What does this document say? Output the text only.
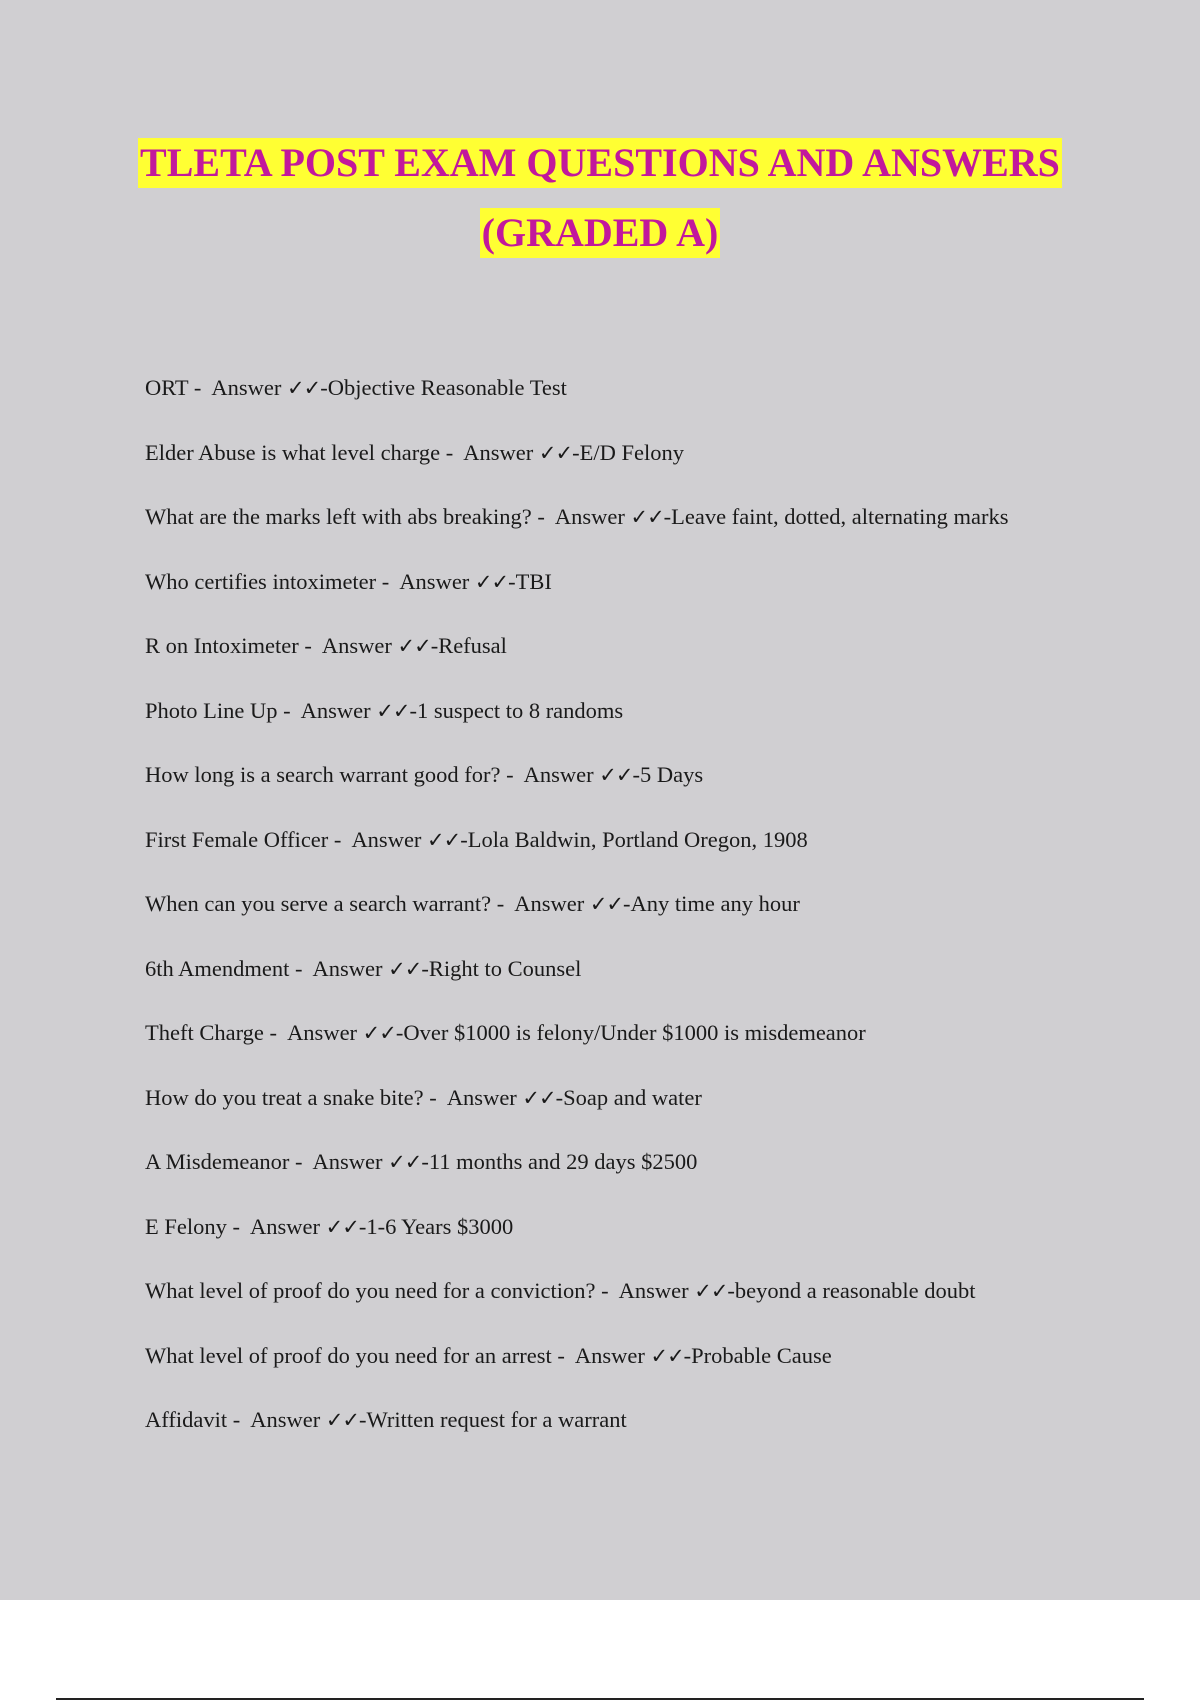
TLETA POST EXAM QUESTIONS AND ANSWERS
(GRADED A)
ORT -  Answer ✓✓-Objective Reasonable Test
Elder Abuse is what level charge -  Answer ✓✓-E/D Felony
What are the marks left with abs breaking? -  Answer ✓✓-Leave faint, dotted, alternating marks
Who certifies intoximeter -  Answer ✓✓-TBI
R on Intoximeter -  Answer ✓✓-Refusal
Photo Line Up -  Answer ✓✓-1 suspect to 8 randoms
How long is a search warrant good for? -  Answer ✓✓-5 Days
First Female Officer -  Answer ✓✓-Lola Baldwin, Portland Oregon, 1908
When can you serve a search warrant? -  Answer ✓✓-Any time any hour
6th Amendment -  Answer ✓✓-Right to Counsel
Theft Charge -  Answer ✓✓-Over $1000 is felony/Under $1000 is misdemeanor
How do you treat a snake bite? -  Answer ✓✓-Soap and water
A Misdemeanor -  Answer ✓✓-11 months and 29 days $2500
E Felony -  Answer ✓✓-1-6 Years $3000
What level of proof do you need for a conviction? -  Answer ✓✓-beyond a reasonable doubt
What level of proof do you need for an arrest -  Answer ✓✓-Probable Cause
Affidavit -  Answer ✓✓-Written request for a warrant
